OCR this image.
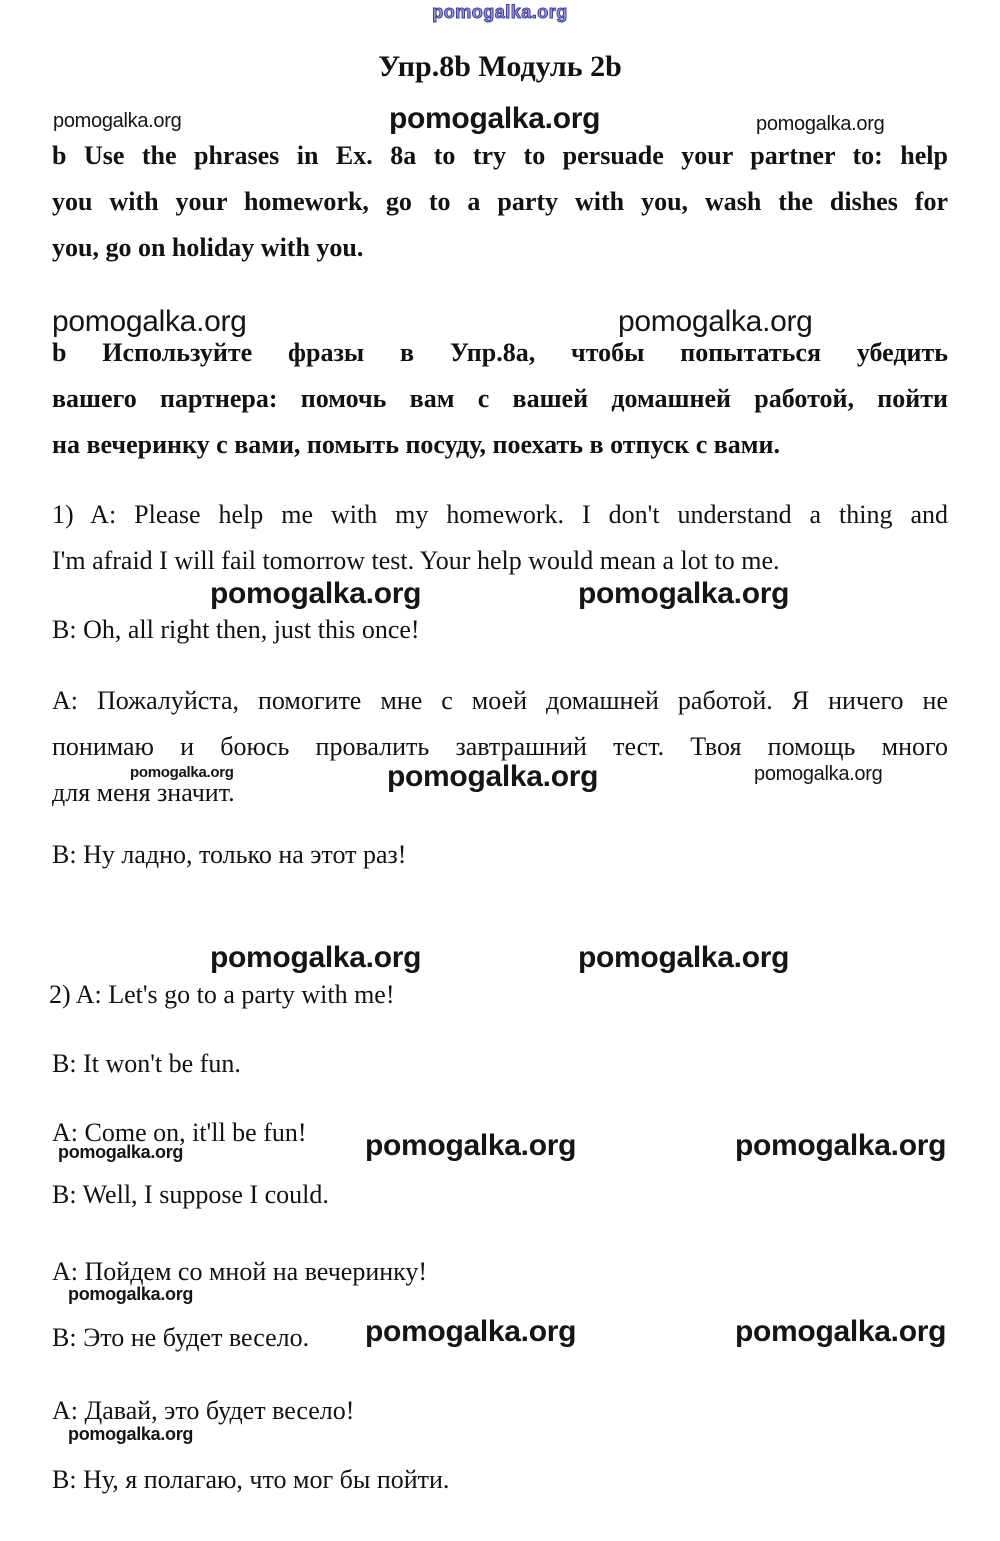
pomogalka.org
Упр.8b Модуль 2b
pomogalka.org	pomogalka.org	pomogalka.org
b Use the phrases in Ex. 8a to try to persuade your partner to: help
you with your homework, go to a party with you, wash the dishes for
you, go on holiday with you.
pomogalka.org	pomogalka.org
b Используйте фразы в Упр.8а, чтобы попытаться убедить
вашего партнера: помочь вам с вашей домашней работой, пойти
на вечеринку с вами, помыть посуду, поехать в отпуск с вами.
1) A: Please help me with my homework. I don't understand a thing and
I'm afraid I will fail tomorrow test. Your help would mean a lot to me.
pomogalka.org	pomogalka.org
B: Oh, all right then, just this once!
А: Пожалуйста, помогите мне с моей домашней работой. Я ничего не
понимаю и боюсь провалить завтрашний тест. Твоя помощь много
для меня значит.
pomogalka.org	pomogalka.org	pomogalka.org
В: Ну ладно, только на этот раз!
pomogalka.org	pomogalka.org
2) A: Let's go to a party with me!
B: It won't be fun.
A: Come on, it'll be fun!
pomogalka.org	pomogalka.org	pomogalka.org
B: Well, I suppose I could.
А: Пойдем со мной на вечеринку!
pomogalka.org
В: Это не будет весело. pomogalka.org	pomogalka.org
А: Давай, это будет весело!
pomogalka.org
В: Ну, я полагаю, что мог бы пойти.
